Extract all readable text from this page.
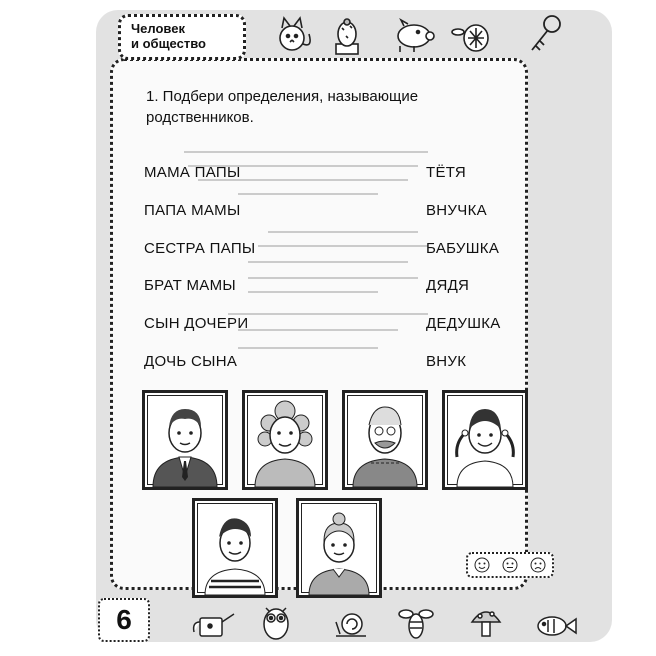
Человек
и общество
1. Подбери определения, называющие родственников.
МАМА ПАПЫ
ПАПА МАМЫ
СЕСТРА ПАПЫ
БРАТ МАМЫ
СЫН ДОЧЕРИ
ДОЧЬ СЫНА
ТЁТЯ
ВНУЧКА
БАБУШКА
ДЯДЯ
ДЕДУШКА
ВНУК
6
